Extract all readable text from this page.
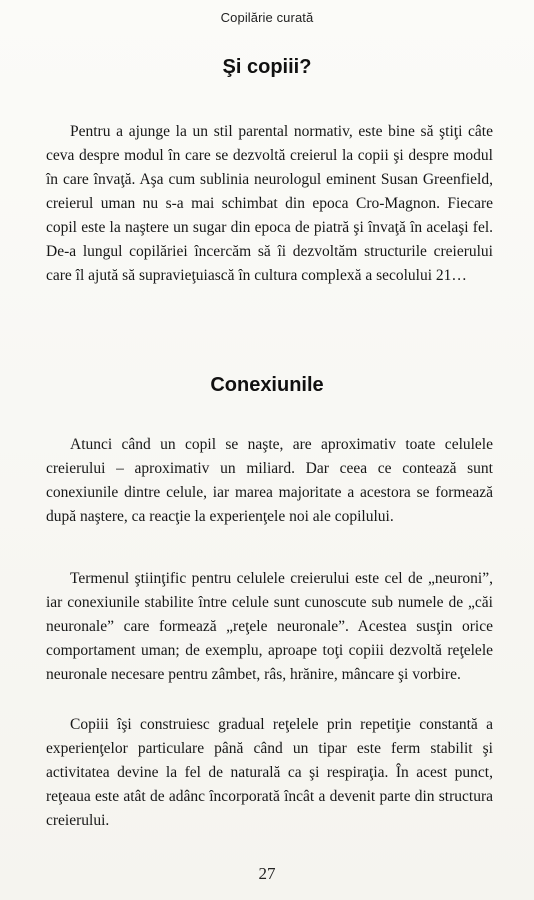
Copilărie curată
Şi copiii?

Pentru a ajunge la un stil parental normativ, este bine să ştiţi câte ceva despre modul în care se dezvoltă creierul la copii şi despre modul în care învaţă. Aşa cum sublinia neurologul eminent Susan Greenfield, creierul uman nu s-a mai schimbat din epoca Cro-Magnon. Fiecare copil este la naştere un sugar din epoca de piatră şi învaţă în acelaşi fel. De-a lungul copilăriei încercăm să îi dezvoltăm structurile creierului care îl ajută să supravieţuiască în cultura complexă a secolului 21…

Conexiunile

Atunci când un copil se naşte, are aproximativ toate celulele creierului – aproximativ un miliard. Dar ceea ce contează sunt conexiunile dintre celule, iar marea majoritate a acestora se formează după naştere, ca reacţie la experienţele noi ale copilului.

Termenul ştiinţific pentru celulele creierului este cel de „neuroni”, iar conexiunile stabilite între celule sunt cunoscute sub numele de „căi neuronale” care formează „reţele neuronale”. Acestea susţin orice comportament uman; de exemplu, aproape toţi copiii dezvoltă reţelele neuronale necesare pentru zâmbet, râs, hrănire, mâncare şi vorbire.

Copiii îşi construiesc gradual reţelele prin repetiţie constantă a experienţelor particulare până când un tipar este ferm stabilit şi activitatea devine la fel de naturală ca şi respiraţia. În acest punct, reţeaua este atât de adânc încorporată încât a devenit parte din structura creierului.

27
